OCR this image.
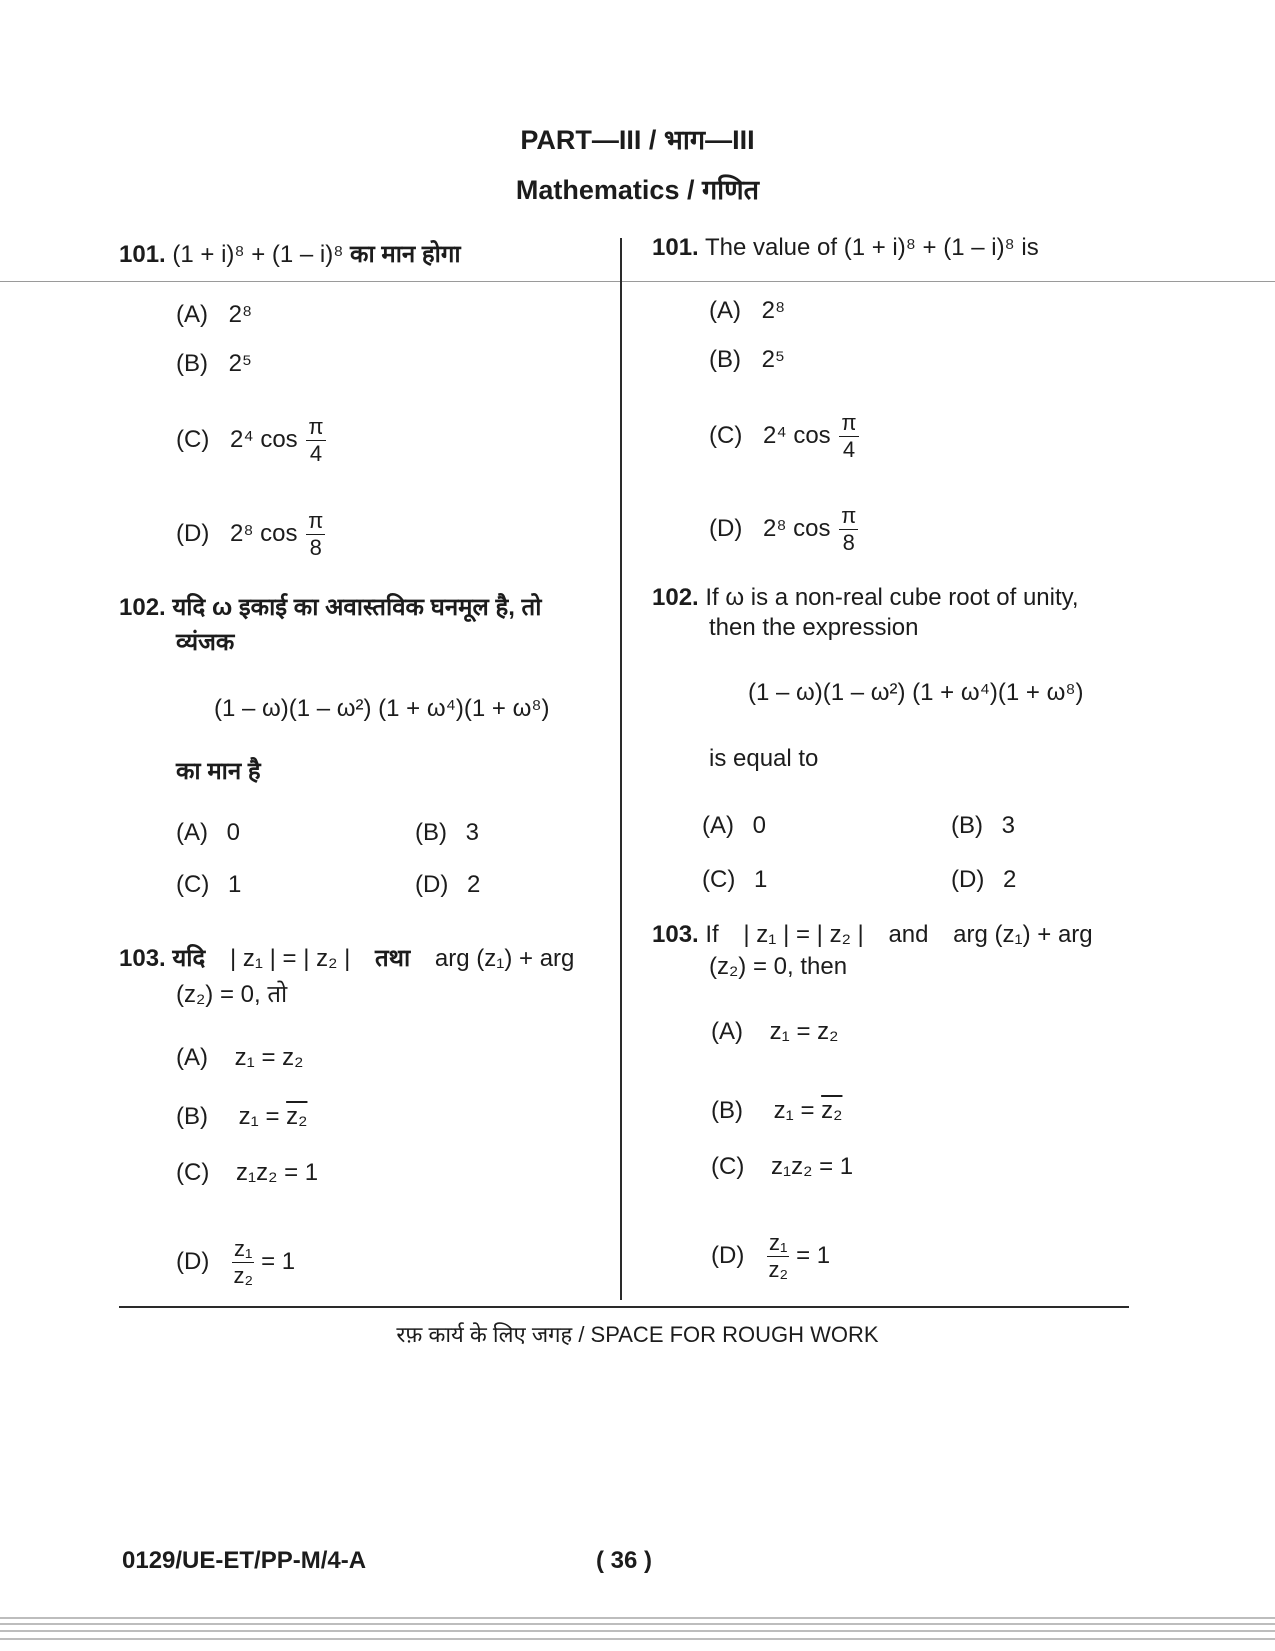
PART—III / भाग—III
Mathematics / गणित
101. (1 + i)⁸ + (1 – i)⁸ का मान होगा
(A) 2⁸
(B) 2⁵
(C) 2⁴ $\cos \frac{\pi}{4}$
(D) 2⁸ $\cos \frac{\pi}{8}$
102. यदि ω इकाई का अवास्तविक घनमूल है, तो
व्यंजक
(1 – ω)(1 – ω²) (1 + ω⁴)(1 + ω⁸)
का मान है
(A) 0	(B) 3
(C) 1	(D) 2
103. यदि | z₁ | = | z₂ | तथा arg (z₁) + arg
(z₂) = 0, तो
(A) z₁ = z₂
(B) z₁ = z₂
(C) z₁z₂ = 1
$(D) \frac{\text{z₁}}{\text{z₂}} = 1$
101. The value of (1 + i)⁸ + (1 – i)⁸ is
(A) 2⁸
(B) 2⁵
(C) 2⁴ $\cos \frac{\pi}{4}$
(D) 2⁸ $\cos \frac{\pi}{8}$
102. If ω is a non-real cube root of unity,
then the expression
(1 – ω)(1 – ω²) (1 + ω⁴)(1 + ω⁸)
is equal to
(A) 0	(B) 3
(C) 1	(D) 2
103. If | z₁ | = | z₂ | and arg (z₁) + arg
(z₂) = 0, then
(A) z₁ = z₂
(B) z₁ = z₂
(C) z₁z₂ = 1
$(D) \frac{\text{z₁}}{\text{z₂}} = 1$
रफ़ कार्य के लिए जगह / SPACE FOR ROUGH WORK
0129/UE-ET/PP-M/4-A	( 36 )
